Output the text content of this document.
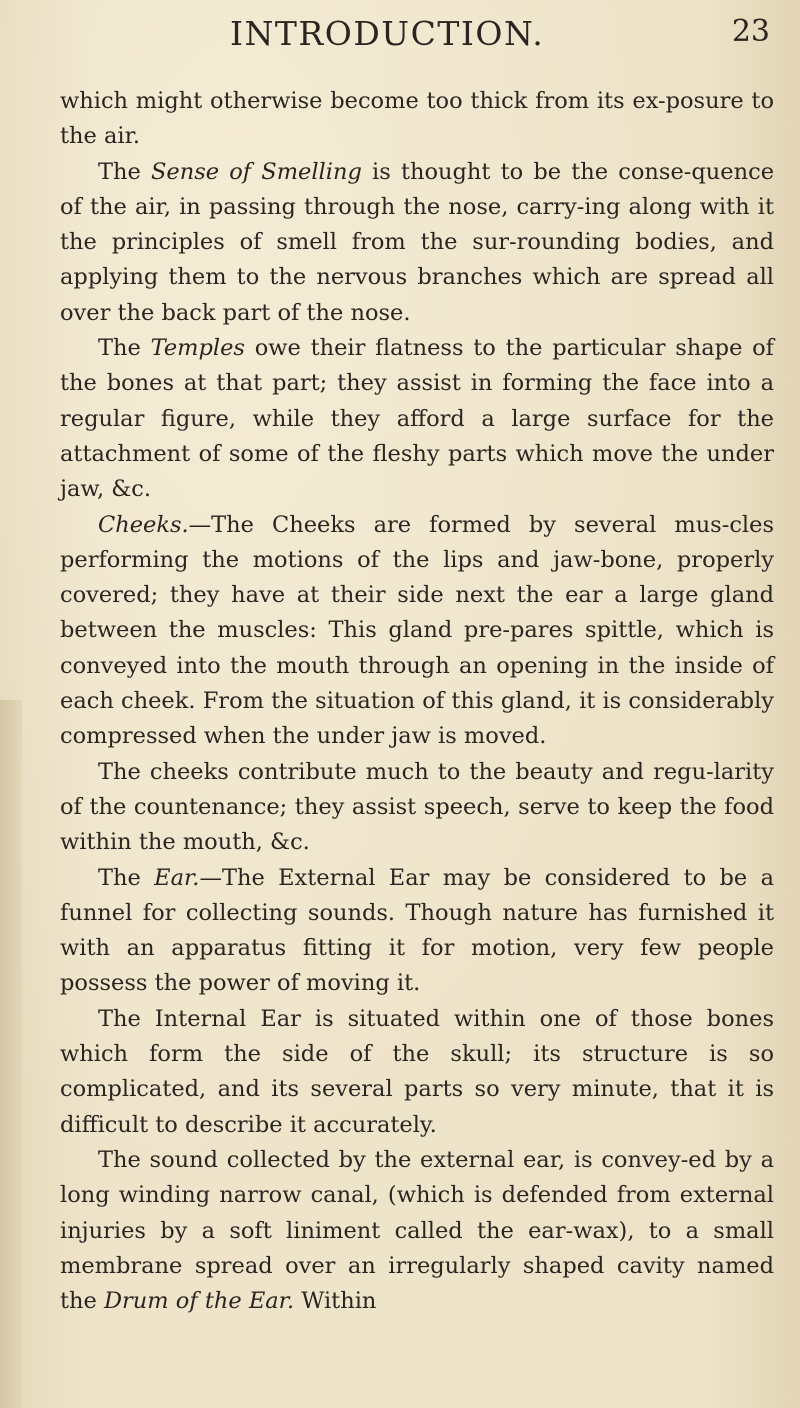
INTRODUCTION.	23

which might otherwise become too thick from its ex-posure to the air.

The Sense of Smelling is thought to be the conse-quence of the air, in passing through the nose, carry-ing along with it the principles of smell from the sur-rounding bodies, and applying them to the nervous branches which are spread all over the back part of the nose.

The Temples owe their flatness to the particular shape of the bones at that part; they assist in forming the face into a regular figure, while they afford a large surface for the attachment of some of the fleshy parts which move the under jaw, &c.

Cheeks.—The Cheeks are formed by several mus-cles performing the motions of the lips and jaw-bone, properly covered; they have at their side next the ear a large gland between the muscles: This gland pre-pares spittle, which is conveyed into the mouth through an opening in the inside of each cheek. From the situation of this gland, it is considerably compressed when the under jaw is moved.

The cheeks contribute much to the beauty and regu-larity of the countenance; they assist speech, serve to keep the food within the mouth, &c.

The Ear.—The External Ear may be considered to be a funnel for collecting sounds. Though nature has furnished it with an apparatus fitting it for motion, very few people possess the power of moving it.

The Internal Ear is situated within one of those bones which form the side of the skull; its structure is so complicated, and its several parts so very minute, that it is difficult to describe it accurately.

The sound collected by the external ear, is convey-ed by a long winding narrow canal, (which is defended from external injuries by a soft liniment called the ear-wax), to a small membrane spread over an irregularly shaped cavity named the Drum of the Ear. Within
